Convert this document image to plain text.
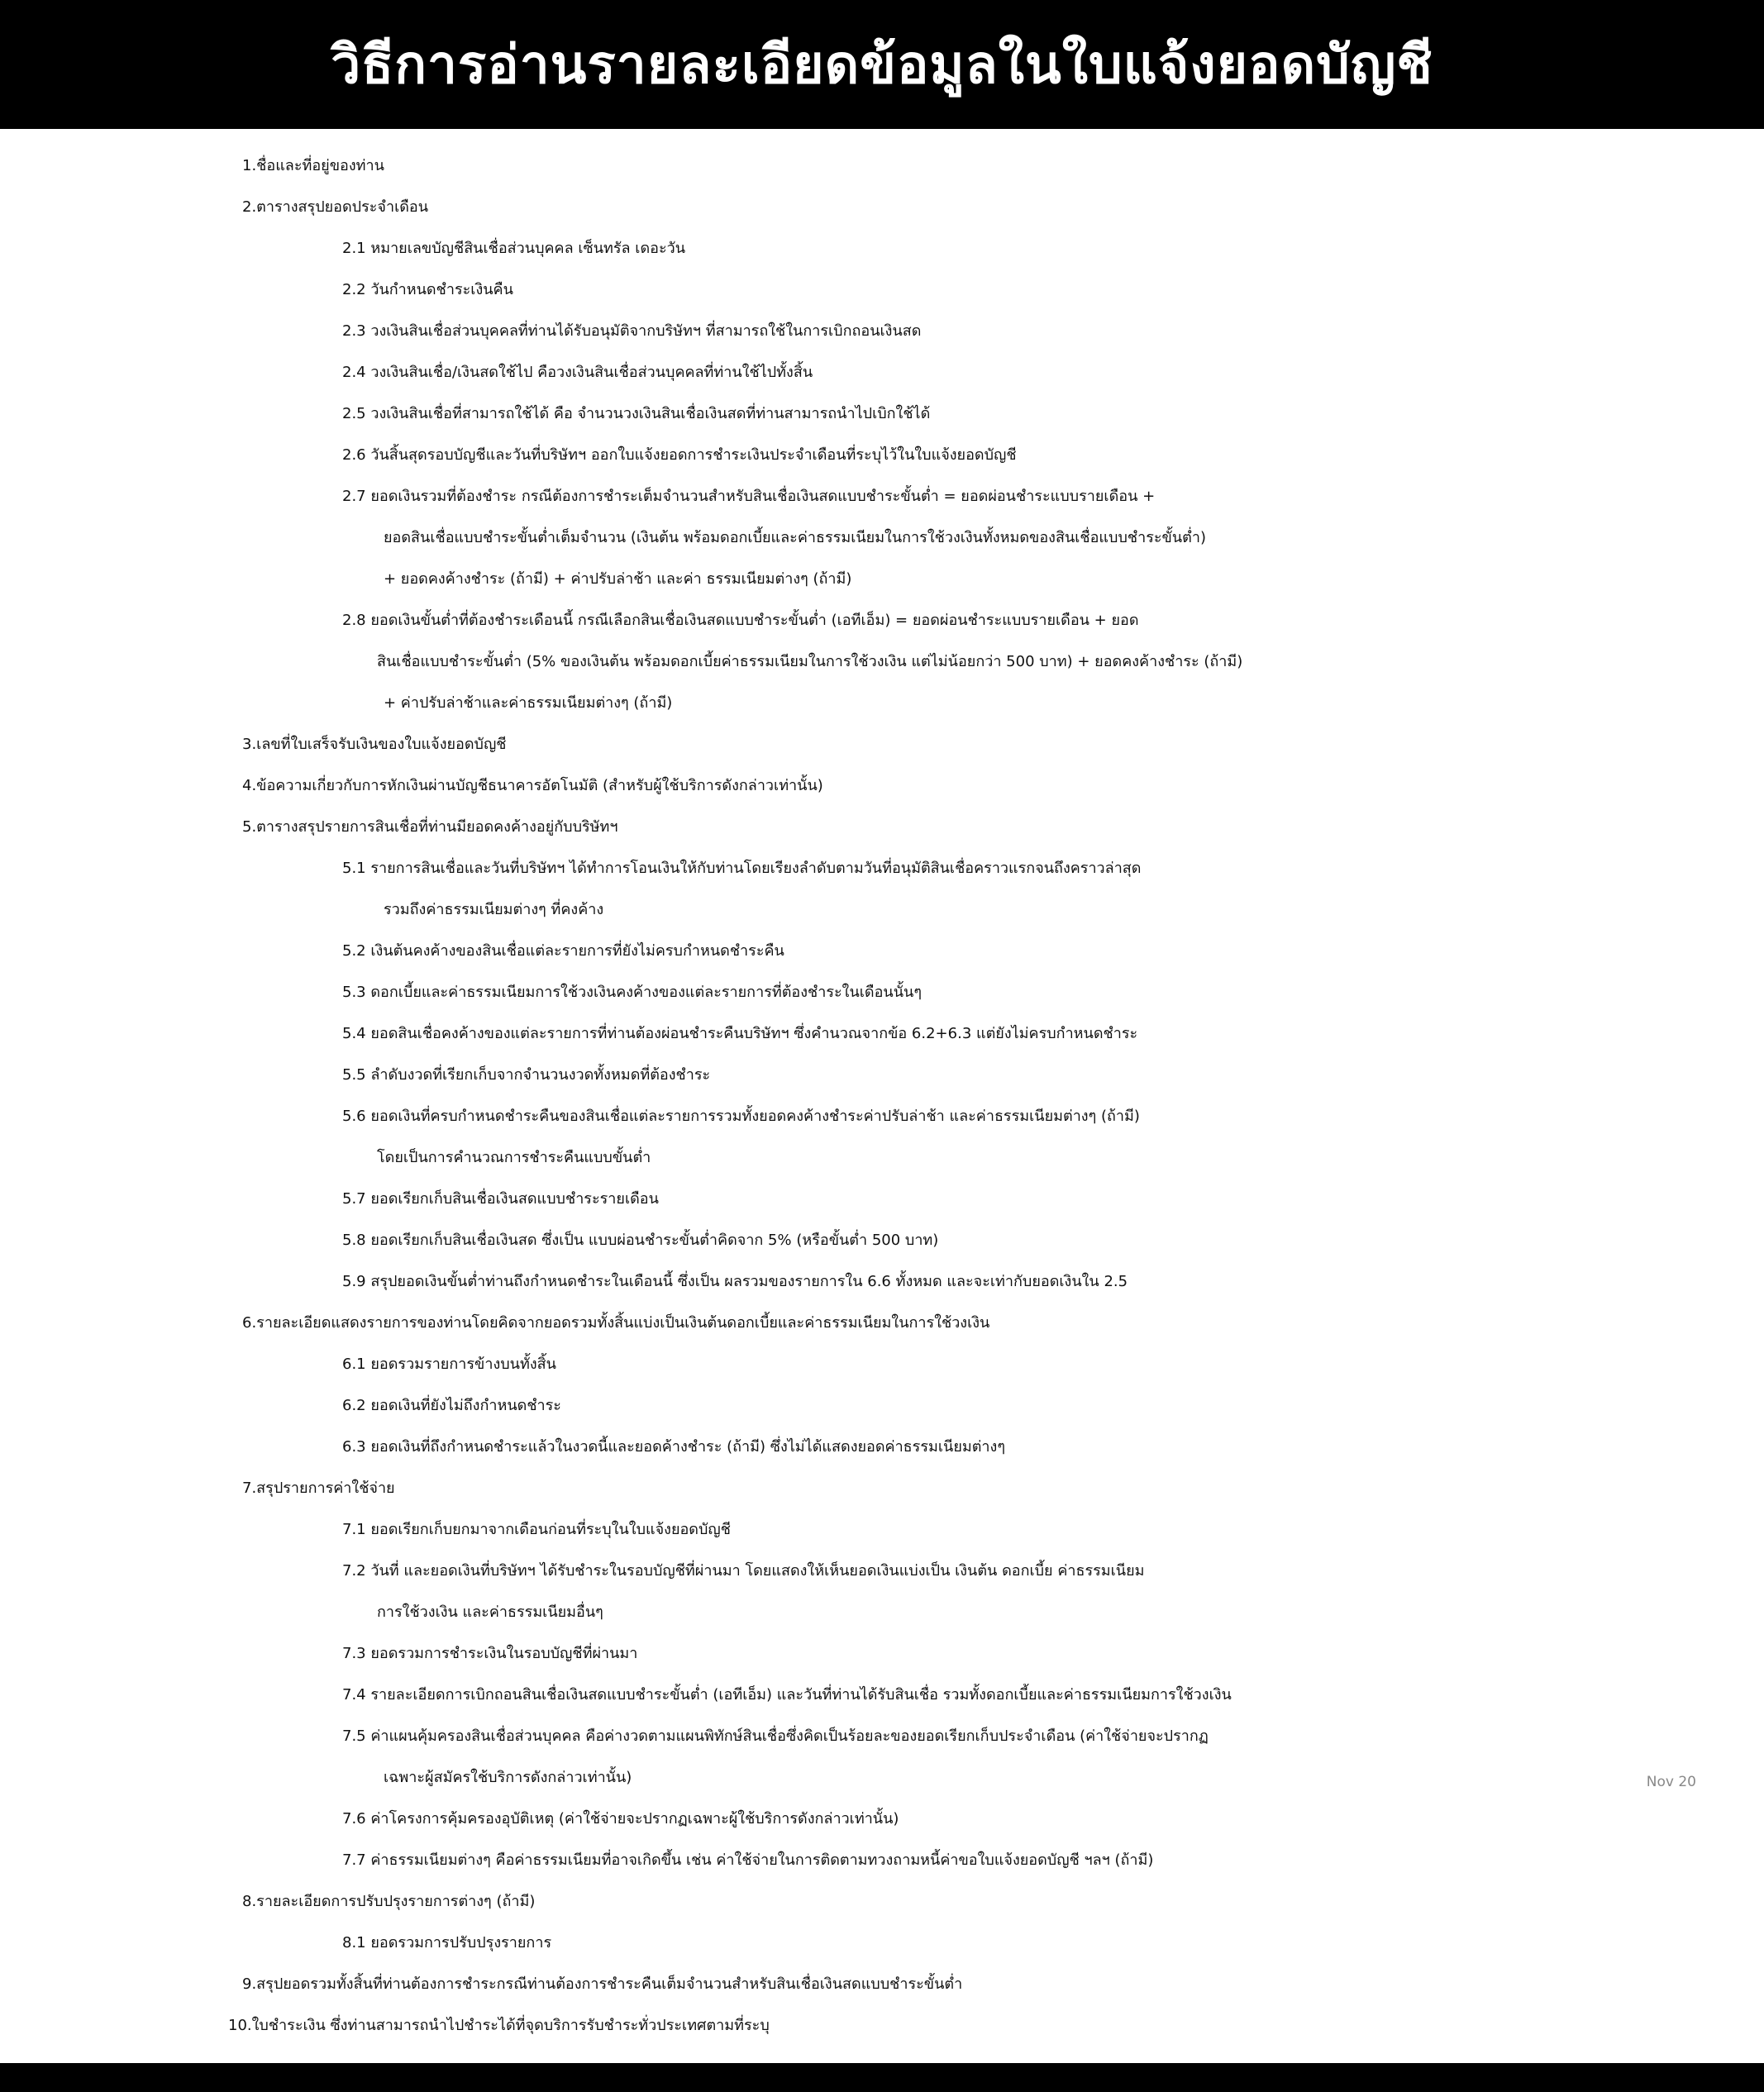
วิธีการอ่านรายละเอียดข้อมูลในใบแจ้งยอดบัญชี
1.ชื่อและที่อยู่ของท่าน
2.ตารางสรุปยอดประจำเดือน
2.1 หมายเลขบัญชีสินเชื่อส่วนบุคคล เซ็นทรัล เดอะวัน
2.2 วันกำหนดชำระเงินคืน
2.3 วงเงินสินเชื่อส่วนบุคคลที่ท่านได้รับอนุมัติจากบริษัทฯ ที่สามารถใช้ในการเบิกถอนเงินสด
2.4 วงเงินสินเชื่อ/เงินสดใช้ไป คือวงเงินสินเชื่อส่วนบุคคลที่ท่านใช้ไปทั้งสิ้น
2.5 วงเงินสินเชื่อที่สามารถใช้ได้ คือ จำนวนวงเงินสินเชื่อเงินสดที่ท่านสามารถนำไปเบิกใช้ได้
2.6 วันสิ้นสุดรอบบัญชีและวันที่บริษัทฯ ออกใบแจ้งยอดการชำระเงินประจำเดือนที่ระบุไว้ในใบแจ้งยอดบัญชี
2.7 ยอดเงินรวมที่ต้องชำระ กรณีต้องการชำระเต็มจำนวนสำหรับสินเชื่อเงินสดแบบชำระขั้นต่ำ = ยอดผ่อนชำระแบบรายเดือน +
ยอดสินเชื่อแบบชำระขั้นต่ำเต็มจำนวน (เงินต้น พร้อมดอกเบี้ยและค่าธรรมเนียมในการใช้วงเงินทั้งหมดของสินเชื่อแบบชำระขั้นต่ำ)
+ ยอดคงค้างชำระ (ถ้ามี) + ค่าปรับล่าช้า และค่า ธรรมเนียมต่างๆ (ถ้ามี)
2.8 ยอดเงินขั้นต่ำที่ต้องชำระเดือนนี้ กรณีเลือกสินเชื่อเงินสดแบบชำระขั้นต่ำ (เอทีเอ็ม) = ยอดผ่อนชำระแบบรายเดือน + ยอด
สินเชื่อแบบชำระขั้นต่ำ (5% ของเงินต้น พร้อมดอกเบี้ยค่าธรรมเนียมในการใช้วงเงิน แต่ไม่น้อยกว่า 500 บาท) + ยอดคงค้างชำระ (ถ้ามี)
+ ค่าปรับล่าช้าและค่าธรรมเนียมต่างๆ (ถ้ามี)
3.เลขที่ใบเสร็จรับเงินของใบแจ้งยอดบัญชี
4.ข้อความเกี่ยวกับการหักเงินผ่านบัญชีธนาคารอัตโนมัติ (สำหรับผู้ใช้บริการดังกล่าวเท่านั้น)
5.ตารางสรุปรายการสินเชื่อที่ท่านมียอดคงค้างอยู่กับบริษัทฯ
5.1 รายการสินเชื่อและวันที่บริษัทฯ ได้ทำการโอนเงินให้กับท่านโดยเรียงลำดับตามวันที่อนุมัติสินเชื่อคราวแรกจนถึงคราวล่าสุด
รวมถึงค่าธรรมเนียมต่างๆ ที่คงค้าง
5.2 เงินต้นคงค้างของสินเชื่อแต่ละรายการที่ยังไม่ครบกำหนดชำระคืน
5.3 ดอกเบี้ยและค่าธรรมเนียมการใช้วงเงินคงค้างของแต่ละรายการที่ต้องชำระในเดือนนั้นๆ
5.4 ยอดสินเชื่อคงค้างของแต่ละรายการที่ท่านต้องผ่อนชำระคืนบริษัทฯ ซึ่งคำนวณจากข้อ 6.2+6.3 แต่ยังไม่ครบกำหนดชำระ
5.5 ลำดับงวดที่เรียกเก็บจากจำนวนงวดทั้งหมดที่ต้องชำระ
5.6 ยอดเงินที่ครบกำหนดชำระคืนของสินเชื่อแต่ละรายการรวมทั้งยอดคงค้างชำระค่าปรับล่าช้า และค่าธรรมเนียมต่างๆ (ถ้ามี)
โดยเป็นการคำนวณการชำระคืนแบบขั้นต่ำ
5.7 ยอดเรียกเก็บสินเชื่อเงินสดแบบชำระรายเดือน
5.8 ยอดเรียกเก็บสินเชื่อเงินสด ซึ่งเป็น แบบผ่อนชำระขั้นต่ำคิดจาก 5% (หรือขั้นต่ำ 500 บาท)
5.9 สรุปยอดเงินขั้นต่ำท่านถึงกำหนดชำระในเดือนนี้ ซึ่งเป็น ผลรวมของรายการใน 6.6 ทั้งหมด และจะเท่ากับยอดเงินใน 2.5
6.รายละเอียดแสดงรายการของท่านโดยคิดจากยอดรวมทั้งสิ้นแบ่งเป็นเงินต้นดอกเบี้ยและค่าธรรมเนียมในการใช้วงเงิน
6.1 ยอดรวมรายการข้างบนทั้งสิ้น
6.2 ยอดเงินที่ยังไม่ถึงกำหนดชำระ
6.3 ยอดเงินที่ถึงกำหนดชำระแล้วในงวดนี้และยอดค้างชำระ (ถ้ามี) ซึ่งไม่ได้แสดงยอดค่าธรรมเนียมต่างๆ
7.สรุปรายการค่าใช้จ่าย
7.1 ยอดเรียกเก็บยกมาจากเดือนก่อนที่ระบุในใบแจ้งยอดบัญชี
7.2 วันที่ และยอดเงินที่บริษัทฯ ได้รับชำระในรอบบัญชีที่ผ่านมา โดยแสดงให้เห็นยอดเงินแบ่งเป็น เงินต้น ดอกเบี้ย ค่าธรรมเนียม
การใช้วงเงิน และค่าธรรมเนียมอื่นๆ
7.3 ยอดรวมการชำระเงินในรอบบัญชีที่ผ่านมา
7.4 รายละเอียดการเบิกถอนสินเชื่อเงินสดแบบชำระขั้นต่ำ (เอทีเอ็ม) และวันที่ท่านได้รับสินเชื่อ รวมทั้งดอกเบี้ยและค่าธรรมเนียมการใช้วงเงิน
7.5 ค่าแผนคุ้มครองสินเชื่อส่วนบุคคล คือค่างวดตามแผนพิทักษ์สินเชื่อซึ่งคิดเป็นร้อยละของยอดเรียกเก็บประจำเดือน (ค่าใช้จ่ายจะปรากฏ
เฉพาะผู้สมัครใช้บริการดังกล่าวเท่านั้น)
7.6 ค่าโครงการคุ้มครองอุบัติเหตุ (ค่าใช้จ่ายจะปรากฏเฉพาะผู้ใช้บริการดังกล่าวเท่านั้น)
7.7 ค่าธรรมเนียมต่างๆ คือค่าธรรมเนียมที่อาจเกิดขึ้น เช่น ค่าใช้จ่ายในการติดตามทวงถามหนี้ค่าขอใบแจ้งยอดบัญชี ฯลฯ (ถ้ามี)
8.รายละเอียดการปรับปรุงรายการต่างๆ (ถ้ามี)
8.1 ยอดรวมการปรับปรุงรายการ
9.สรุปยอดรวมทั้งสิ้นที่ท่านต้องการชำระกรณีท่านต้องการชำระคืนเต็มจำนวนสำหรับสินเชื่อเงินสดแบบชำระขั้นต่ำ
10.ใบชำระเงิน ซึ่งท่านสามารถนำไปชำระได้ที่จุดบริการรับชำระทั่วประเทศตามที่ระบุ
Nov 20
